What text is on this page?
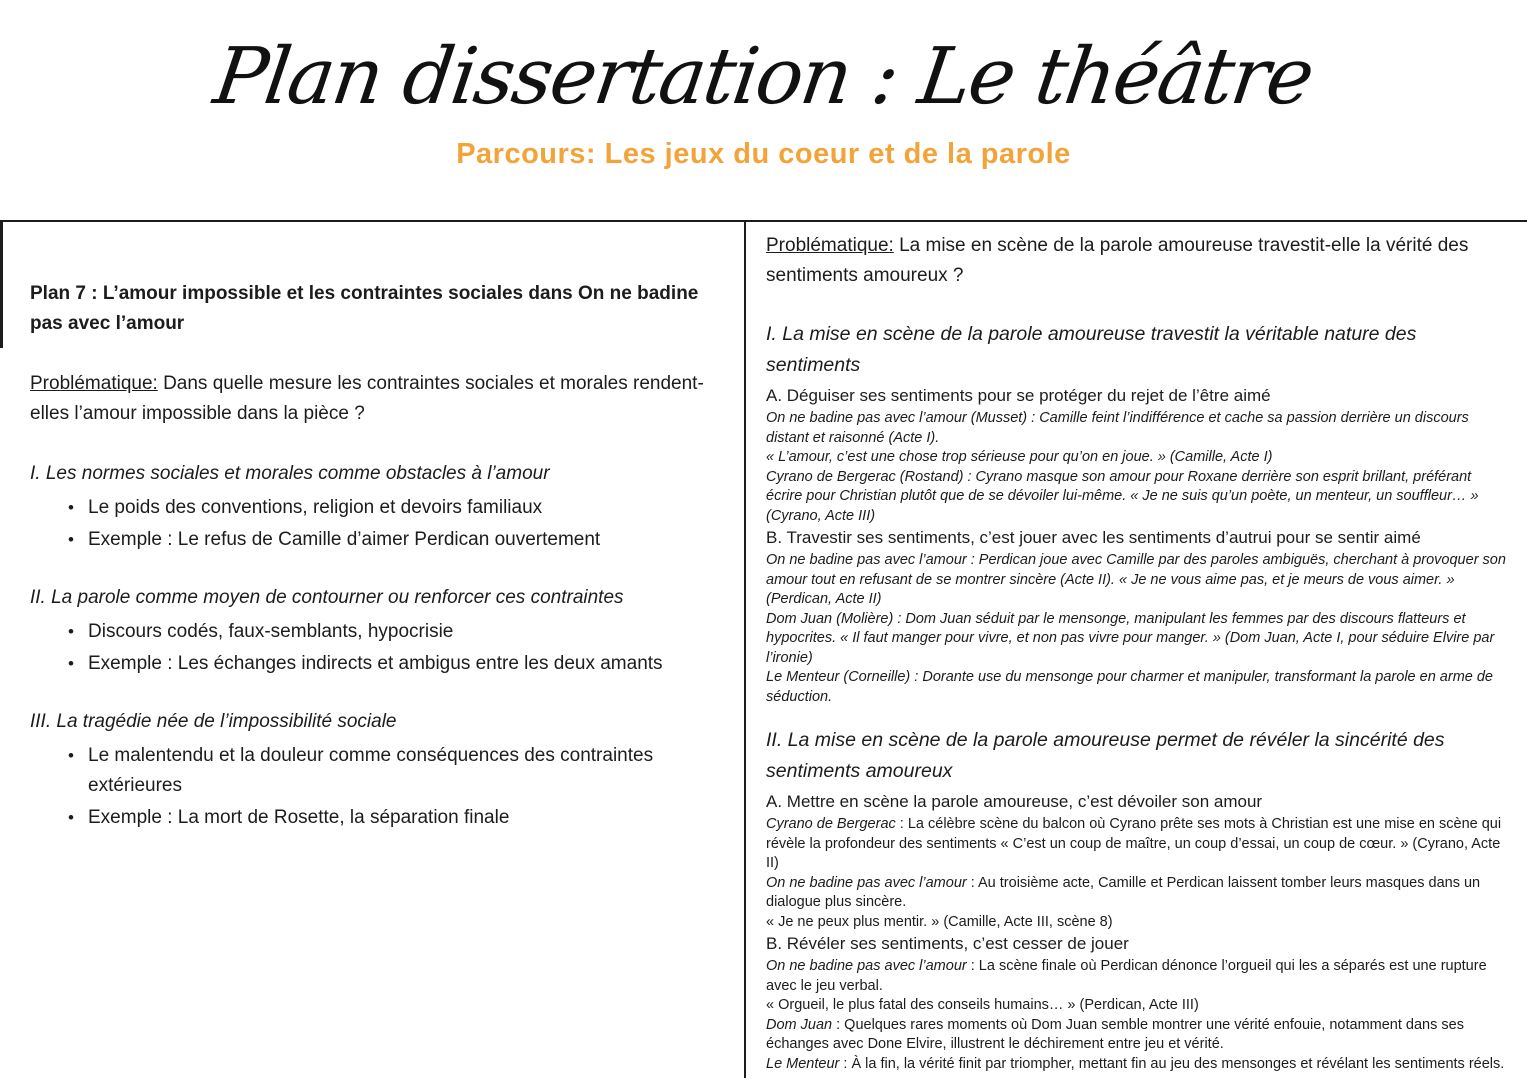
Plan dissertation : Le théâtre
Parcours: Les jeux du coeur et de la parole

Plan 7 : L’amour impossible et les contraintes sociales dans On ne badine pas avec l’amour

Problématique: Dans quelle mesure les contraintes sociales et morales rendent-elles l’amour impossible dans la pièce ?

I. Les normes sociales et morales comme obstacles à l’amour

• Le poids des conventions, religion et devoirs familiaux
• Exemple : Le refus de Camille d’aimer Perdican ouvertement

II. La parole comme moyen de contourner ou renforcer ces contraintes

• Discours codés, faux-semblants, hypocrisie
• Exemple : Les échanges indirects et ambigus entre les deux amants

III. La tragédie née de l’impossibilité sociale

• Le malentendu et la douleur comme conséquences des contraintes extérieures
• Exemple : La mort de Rosette, la séparation finale

Problématique: La mise en scène de la parole amoureuse travestit-elle la vérité des sentiments amoureux ?

I. La mise en scène de la parole amoureuse travestit la véritable nature des sentiments

A. Déguiser ses sentiments pour se protéger du rejet de l’être aimé

On ne badine pas avec l’amour (Musset) : Camille feint l’indifférence et cache sa passion derrière un discours distant et raisonné (Acte I).

« L’amour, c’est une chose trop sérieuse pour qu’on en joue. » (Camille, Acte I)

Cyrano de Bergerac (Rostand) : Cyrano masque son amour pour Roxane derrière son esprit brillant, préférant écrire pour Christian plutôt que de se dévoiler lui-même. « Je ne suis qu’un poète, un menteur, un souffleur… » (Cyrano, Acte III)

B. Travestir ses sentiments, c’est jouer avec les sentiments d’autrui pour se sentir aimé

On ne badine pas avec l’amour : Perdican joue avec Camille par des paroles ambiguës, cherchant à provoquer son amour tout en refusant de se montrer sincère (Acte II). « Je ne vous aime pas, et je meurs de vous aimer. » (Perdican, Acte II)

Dom Juan (Molière) : Dom Juan séduit par le mensonge, manipulant les femmes par des discours flatteurs et hypocrites. « Il faut manger pour vivre, et non pas vivre pour manger. » (Dom Juan, Acte I, pour séduire Elvire par l’ironie)

Le Menteur (Corneille) : Dorante use du mensonge pour charmer et manipuler, transformant la parole en arme de séduction.

II. La mise en scène de la parole amoureuse permet de révéler la sincérité des sentiments amoureux

A. Mettre en scène la parole amoureuse, c’est dévoiler son amour

Cyrano de Bergerac : La célèbre scène du balcon où Cyrano prête ses mots à Christian est une mise en scène qui révèle la profondeur des sentiments « C’est un coup de maître, un coup d’essai, un coup de cœur. » (Cyrano, Acte II)

On ne badine pas avec l’amour : Au troisième acte, Camille et Perdican laissent tomber leurs masques dans un dialogue plus sincère.

« Je ne peux plus mentir. » (Camille, Acte III, scène 8)

B. Révéler ses sentiments, c’est cesser de jouer

On ne badine pas avec l’amour : La scène finale où Perdican dénonce l’orgueil qui les a séparés est une rupture avec le jeu verbal.

« Orgueil, le plus fatal des conseils humains… » (Perdican, Acte III)

Dom Juan : Quelques rares moments où Dom Juan semble montrer une vérité enfouie, notamment dans ses échanges avec Done Elvire, illustrent le déchirement entre jeu et vérité.

Le Menteur : À la fin, la vérité finit par triompher, mettant fin au jeu des mensonges et révélant les sentiments réels.
